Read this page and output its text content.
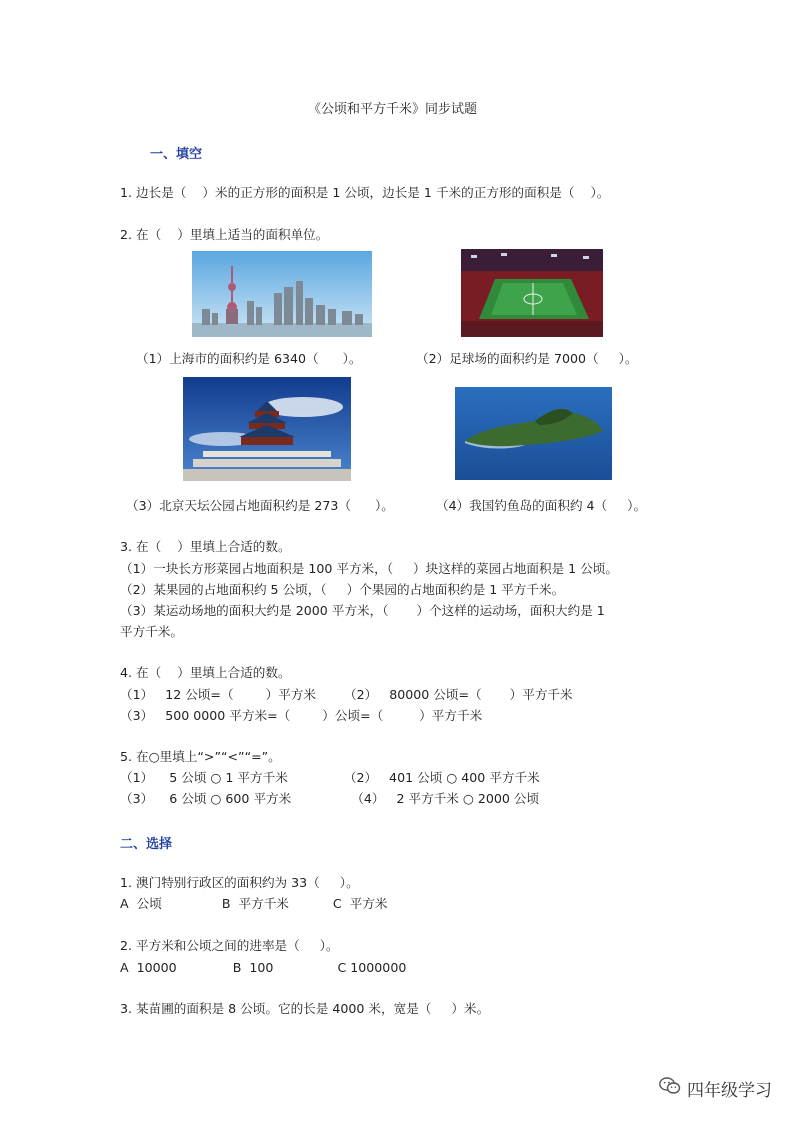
《公顷和平方千米》同步试题
一、填空
1. 边长是（    ）米的正方形的面积是 1 公顷，边长是 1 千米的正方形的面积是（    ）。
2. 在（    ）里填上适当的面积单位。
（1）上海市的面积约是 6340（      ）。	（2）足球场的面积约是 7000（     ）。
（3）北京天坛公园占地面积约是 273（      ）。	（4）我国钓鱼岛的面积约 4（     ）。
3. 在（    ）里填上合适的数。
（1）一块长方形菜园占地面积是 100 平方米，（     ）块这样的菜园占地面积是 1 公顷。
（2）某果园的占地面积约 5 公顷，（     ）个果园的占地面积约是 1 平方千米。
（3）某运动场地的面积大约是 2000 平方米，（       ）个这样的运动场，面积大约是 1
平方千米。
4. 在（    ）里填上合适的数。
（1）   12 公顷=（        ）平方米       （2）   80000 公顷=（       ）平方千米
（3）   500 0000 平方米=（        ）公顷=（         ）平方千米
5. 在○里填上“>”“<”“=”。
（1）    5 公顷 ○ 1 平方千米              （2）   401 公顷 ○ 400 平方千米
（3）    6 公顷 ○ 600 平方米               （4）   2 平方千米 ○ 2000 公顷
二、选择
1. 澳门特别行政区的面积约为 33（     ）。
A  公顷               B  平方千米           C  平方米
2. 平方米和公顷之间的进率是（     ）。
A  10000              B  100                C 1000000
3. 某苗圃的面积是 8 公顷。它的长是 4000 米，宽是（     ）米。
四年级学习
